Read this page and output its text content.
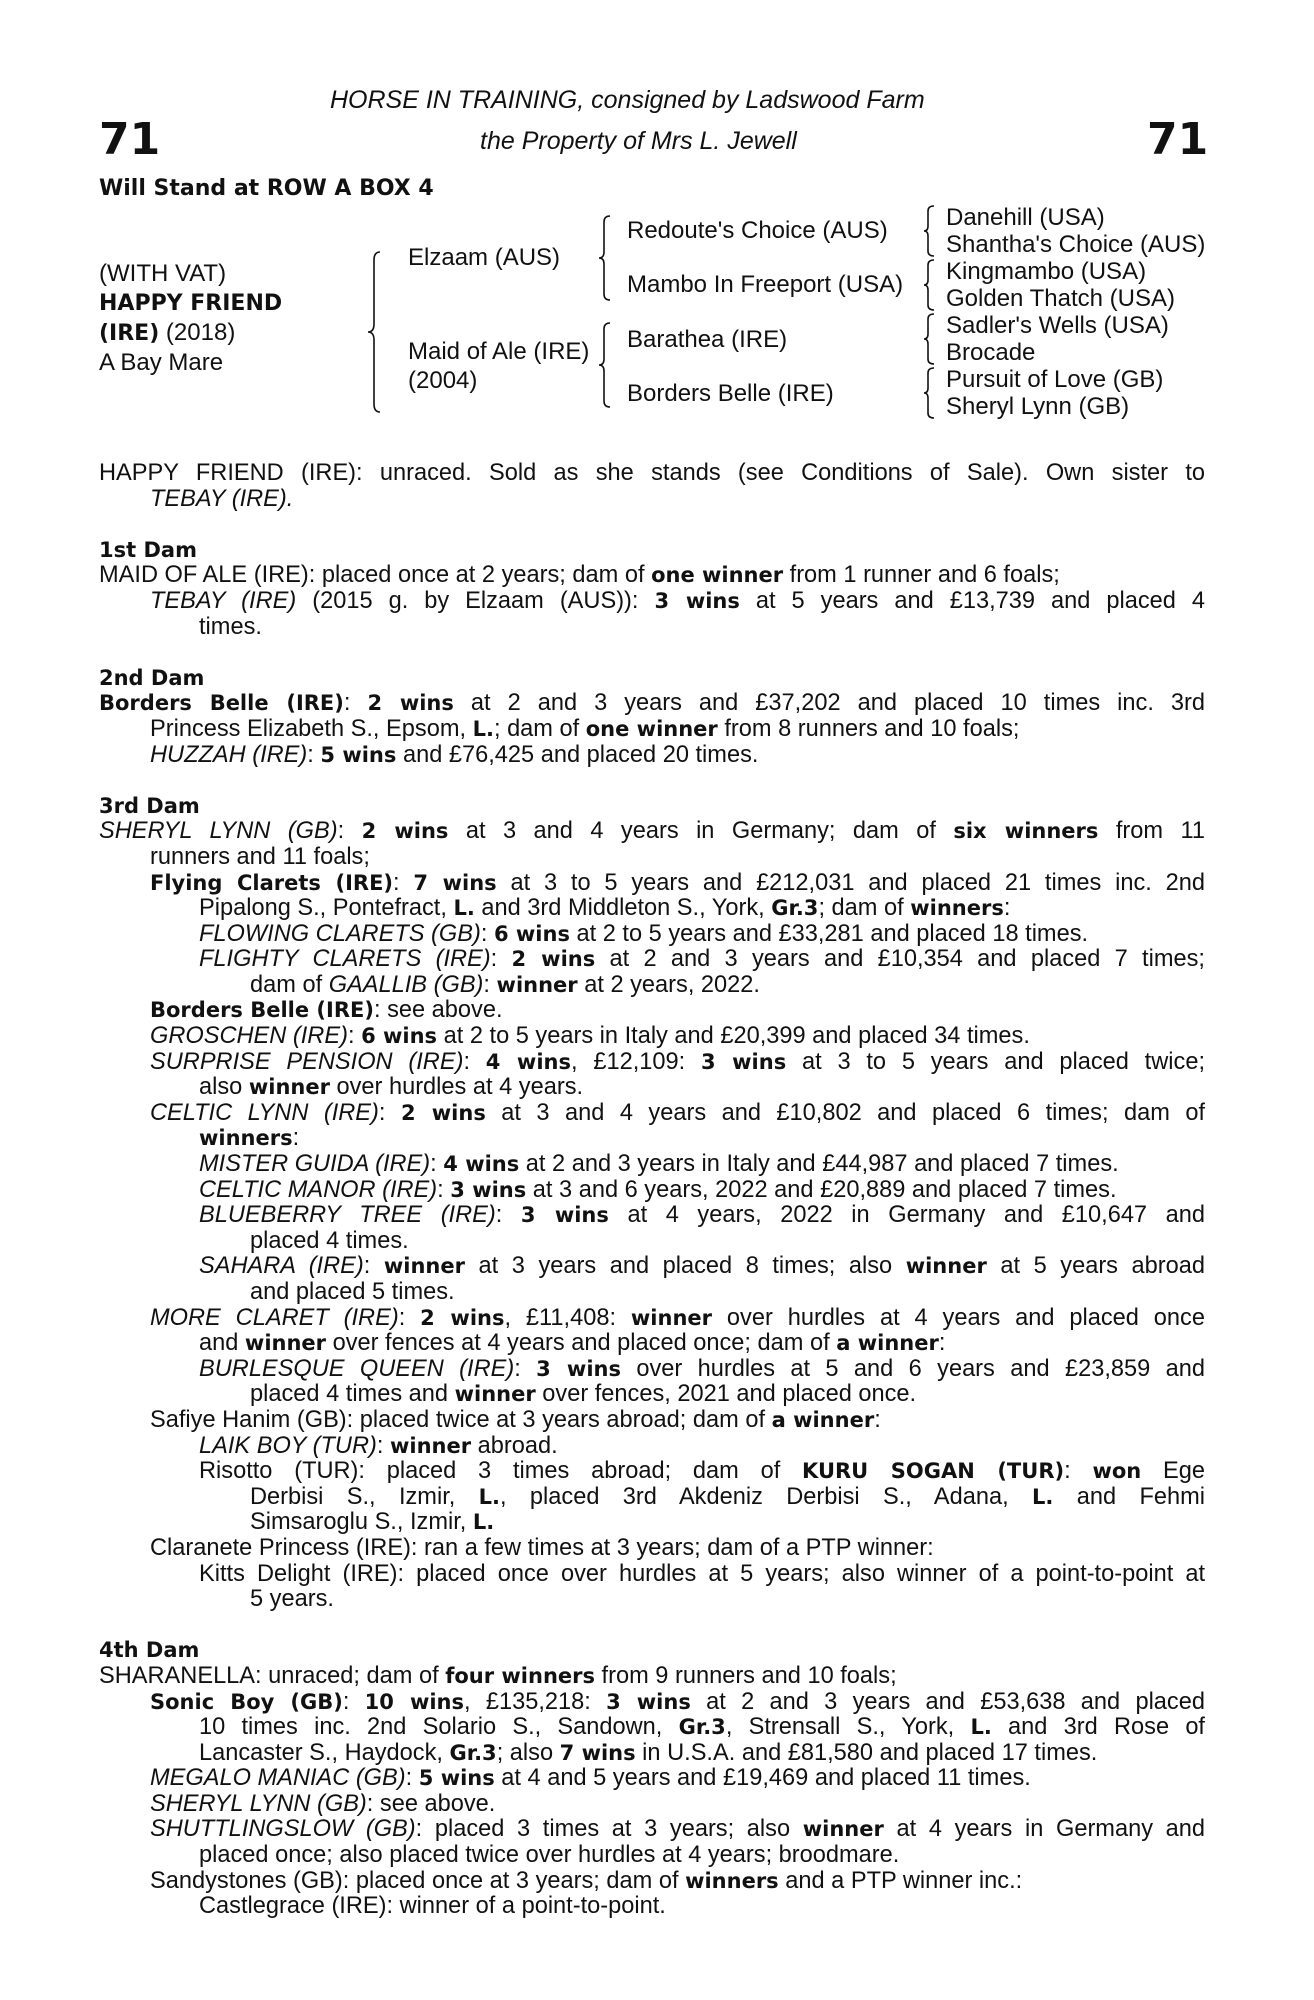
HORSE IN TRAINING, consigned by Ladswood Farm
the Property of Mrs L. Jewell
71	71
Will Stand at ROW A BOX 4
(WITH VAT)
HAPPY FRIEND
(IRE) (2018)
A Bay Mare
Elzaam (AUS)
Maid of Ale (IRE)
(2004)
Redoute's Choice (AUS)
Mambo In Freeport (USA)
Barathea (IRE)
Borders Belle (IRE)
Danehill (USA)
Shantha's Choice (AUS)
Kingmambo (USA)
Golden Thatch (USA)
Sadler's Wells (USA)
Brocade
Pursuit of Love (GB)
Sheryl Lynn (GB)
HAPPY FRIEND (IRE): unraced. Sold as she stands (see Conditions of Sale). Own sister to
TEBAY (IRE).
1st Dam
MAID OF ALE (IRE): placed once at 2 years; dam of one winner from 1 runner and 6 foals;
TEBAY (IRE) (2015 g. by Elzaam (AUS)): 3 wins at 5 years and £13,739 and placed 4
times.
2nd Dam
Borders Belle (IRE): 2 wins at 2 and 3 years and £37,202 and placed 10 times inc. 3rd
Princess Elizabeth S., Epsom, L.; dam of one winner from 8 runners and 10 foals;
HUZZAH (IRE): 5 wins and £76,425 and placed 20 times.
3rd Dam
SHERYL LYNN (GB): 2 wins at 3 and 4 years in Germany; dam of six winners from 11
runners and 11 foals;
Flying Clarets (IRE): 7 wins at 3 to 5 years and £212,031 and placed 21 times inc. 2nd
Pipalong S., Pontefract, L. and 3rd Middleton S., York, Gr.3; dam of winners:
FLOWING CLARETS (GB): 6 wins at 2 to 5 years and £33,281 and placed 18 times.
FLIGHTY CLARETS (IRE): 2 wins at 2 and 3 years and £10,354 and placed 7 times;
dam of GAALLIB (GB): winner at 2 years, 2022.
Borders Belle (IRE): see above.
GROSCHEN (IRE): 6 wins at 2 to 5 years in Italy and £20,399 and placed 34 times.
SURPRISE PENSION (IRE): 4 wins, £12,109: 3 wins at 3 to 5 years and placed twice;
also winner over hurdles at 4 years.
CELTIC LYNN (IRE): 2 wins at 3 and 4 years and £10,802 and placed 6 times; dam of
winners:
MISTER GUIDA (IRE): 4 wins at 2 and 3 years in Italy and £44,987 and placed 7 times.
CELTIC MANOR (IRE): 3 wins at 3 and 6 years, 2022 and £20,889 and placed 7 times.
BLUEBERRY TREE (IRE): 3 wins at 4 years, 2022 in Germany and £10,647 and
placed 4 times.
SAHARA (IRE): winner at 3 years and placed 8 times; also winner at 5 years abroad
and placed 5 times.
MORE CLARET (IRE): 2 wins, £11,408: winner over hurdles at 4 years and placed once
and winner over fences at 4 years and placed once; dam of a winner:
BURLESQUE QUEEN (IRE): 3 wins over hurdles at 5 and 6 years and £23,859 and
placed 4 times and winner over fences, 2021 and placed once.
Safiye Hanim (GB): placed twice at 3 years abroad; dam of a winner:
LAIK BOY (TUR): winner abroad.
Risotto (TUR): placed 3 times abroad; dam of KURU SOGAN (TUR): won Ege
Derbisi S., Izmir, L., placed 3rd Akdeniz Derbisi S., Adana, L. and Fehmi
Simsaroglu S., Izmir, L.
Claranete Princess (IRE): ran a few times at 3 years; dam of a PTP winner:
Kitts Delight (IRE): placed once over hurdles at 5 years; also winner of a point-to-point at
5 years.
4th Dam
SHARANELLA: unraced; dam of four winners from 9 runners and 10 foals;
Sonic Boy (GB): 10 wins, £135,218: 3 wins at 2 and 3 years and £53,638 and placed
10 times inc. 2nd Solario S., Sandown, Gr.3, Strensall S., York, L. and 3rd Rose of
Lancaster S., Haydock, Gr.3; also 7 wins in U.S.A. and £81,580 and placed 17 times.
MEGALO MANIAC (GB): 5 wins at 4 and 5 years and £19,469 and placed 11 times.
SHERYL LYNN (GB): see above.
SHUTTLINGSLOW (GB): placed 3 times at 3 years; also winner at 4 years in Germany and
placed once; also placed twice over hurdles at 4 years; broodmare.
Sandystones (GB): placed once at 3 years; dam of winners and a PTP winner inc.:
Castlegrace (IRE): winner of a point-to-point.
